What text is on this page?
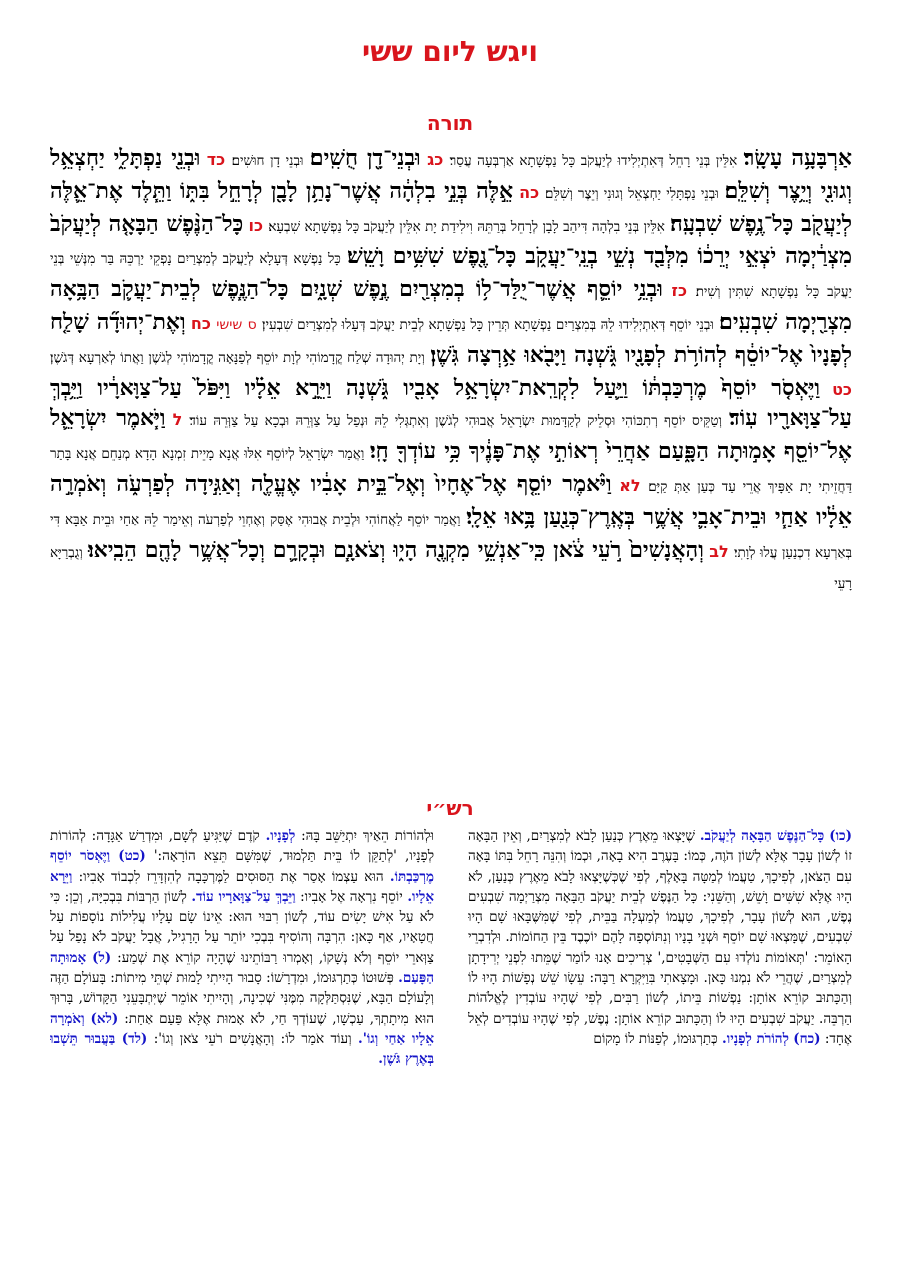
ויגש ליום ששי
תורה
אַרְבָּעָ֥ה עָשָֽׂר׃ אִלֵּין בְּנֵי רָחֵל דְּאִתְיְלִידוּ לְיַעֲקֹב כָּל נַפְשָׁתָא אַרְבְּעָה עֲסַר׃ כג וּבְנֵי־דָ֖ן חֻשִֽׁים׃ וּבְנֵי דָן חוּשִׁים׃ כד וּבְנֵ֖י נַפְתָּלִ֑י יַחְצְאֵ֥ל וְגוּנִ֖י וְיֵ֥צֶר וְשִׁלֵּֽם׃ וּבְנֵי נַפְתָּלִי יַחְצְאֵל וְגוּנִי וְיֵצֶר וְשִׁלֵּם׃ כה אֵ֣לֶּה בְּנֵ֣י בִלְהָ֔ה אֲשֶׁר־נָתַ֥ן לָבָ֖ן לְרָחֵ֣ל בִּתּ֑וֹ וַתֵּ֧לֶד אֶת־אֵ֛לֶּה לְיַעֲקֹ֖ב כָּל־נֶ֥פֶשׁ שִׁבְעָֽה׃ אִלֵּין בְּנֵי בִלְהָה דִּיהַב לָבָן לְרָחֵל בְּרַתֵּהּ וִילִידַת יָת אִלֵּין לְיַעֲקֹב כָּל נַפְשָׁתָא שִׁבְעָא׃ כו כָּל־הַנֶּ֨פֶשׁ הַבָּאָ֤ה לְיַעֲקֹב֙ מִצְרַ֔יְמָה יֹצְאֵ֣י יְרֵכ֔וֹ מִלְּבַ֖ד נְשֵׁ֣י בְנֵֽי־יַעֲקֹ֑ב כָּל־נֶ֖פֶשׁ שִׁשִּׁ֥ים וָשֵֽׁשׁ׃ כָּל נַפְשָׁא דְּעָלָא לְיַעֲקֹב לְמִצְרַיִם נָפְקֵי יַרְכֵּהּ בַּר מִנְּשֵׁי בְּנֵי יַעֲקֹב כָּל נַפְשָׁתָא שִׁתִּין וְשִׁית׃ כז וּבְנֵ֥י יוֹסֵ֛ף אֲשֶׁר־יֻלַּד־ל֥וֹ בְמִצְרַ֖יִם נֶ֣פֶשׁ שְׁנָ֑יִם כָּל־הַנֶּ֧פֶשׁ לְבֵית־יַעֲקֹ֛ב הַבָּ֥אָה מִצְרַ֖יְמָה שִׁבְעִֽים׃ וּבְנֵי יוֹסֵף דְּאִתְיְלִידוּ לֵהּ בְּמִצְרַיִם נַפְשָׁתָא תְּרֵין כָּל נַפְשָׁתָא לְבֵית יַעֲקֹב דְּעָלוּ לְמִצְרַיִם שִׁבְעִין׃ ס שישי כח וְאֶת־יְהוּדָ֞ה שָׁלַ֤ח לְפָנָיו֙ אֶל־יוֹסֵ֔ף לְהוֹרֹ֥ת לְפָנָ֖יו גֹּ֑שְׁנָה וַיָּבֹ֖אוּ אַ֥רְצָה גֹּֽשֶׁן׃ וְיָת יְהוּדָה שְׁלַח קֳדָמוֹהִי לְוָת יוֹסֵף לְפַנָּאָה קֳדָמוֹהִי לְגֹשֶׁן וַאֲתוֹ לְאַרְעָא דְּגֹשֶׁן׃ כט וַיֶּאְסֹ֤ר יוֹסֵף֙ מֶרְכַּבְתּ֔וֹ וַיַּ֛עַל לִקְרַֽאת־יִשְׂרָאֵ֥ל אָבִ֖יו גֹּ֑שְׁנָה וַיֵּרָ֣א אֵלָ֗יו וַיִּפֹּל֙ עַל־צַוָּארָ֔יו וַיֵּ֥בְךְּ עַל־צַוָּארָ֖יו עֽוֹד׃ וְטַקֵּיס יוֹסֵף רְתִכּוֹהִי וּסְלֵיק לְקַדָּמוּת יִשְׂרָאֵל אֲבוּהִי לְגֹשֶׁן וְאִתְגְּלִי לֵהּ וּנְפַל עַל צַוְּרֵהּ וּבְכָא עַל צַוְּרֵהּ עוֹד׃ ל וַיֹּ֧אמֶר יִשְׂרָאֵ֛ל אֶל־יוֹסֵ֖ף אָמ֣וּתָה הַפָּ֑עַם אַחֲרֵי֙ רְאוֹתִ֣י אֶת־פָּנֶ֔יךָ כִּ֥י עוֹדְךָ֖ חָֽי׃ וַאֲמַר יִשְׂרָאֵל לְיוֹסֵף אִלּוּ אֲנָא מָיֵית זִמְנָא הָדָא מְנַחֵם אֲנָא בָּתַר דַּחֲזֵיתִי יָת אַפָּיךְ אֲרֵי עַד כְּעַן אַתְּ קַיָּם׃ לא וַיֹּ֨אמֶר יוֹסֵ֤ף אֶל־אֶחָיו֙ וְאֶל־בֵּ֣ית אָבִ֔יו אֶעֱלֶ֖ה וְאַגִּ֣ידָה לְפַרְעֹ֑ה וְאֹמְרָ֣ה אֵלָ֔יו אַחַ֧י וּבֵית־אָבִ֛י אֲשֶׁ֥ר בְּאֶֽרֶץ־כְּנַ֖עַן בָּ֥אוּ אֵלָֽי׃ וַאֲמַר יוֹסֵף לַאֲחוֹהִי וּלְבֵית אֲבוּהִי אֶסַּק וְאֶחְוֵי לְפַרְעֹה וְאֵימַר לֵהּ אַחַי וּבֵית אַבָּא דִּי בְּאַרְעָא דִכְנַעַן עֲלוּ לְוָתִי׃ לב וְהָאֲנָשִׁים֙ רֹ֣עֵי צֹ֔אן כִּֽי־אַנְשֵׁ֥י מִקְנֶ֖ה הָי֑וּ וְצֹאנָ֧ם וּבְקָרָ֛ם וְכָל־אֲשֶׁ֥ר לָהֶ֖ם הֵבִֽיאוּ׃ וְגֻבְרַיָּא רָעֵי
רש״י
(כו) כָּל־הַנֶּפֶשׁ הַבָּאָה לְיַעֲקֹב. שֶׁיָּצְאוּ מֵאֶרֶץ כְּנַעַן לָבֹא לְמִצְרַיִם, וְאֵין הַבָּאָה זוֹ לְשׁוֹן עָבָר אֶלָּא לְשׁוֹן הֹוֶה, כְּמוֹ: בָּעֶרֶב הִיא בָאָה, וּכְמוֹ וְהִנֵּה רָחֵל בִּתּוֹ בָּאָה עִם הַצֹּאן, לְפִיכָךְ, טַעֲמוֹ לְמַטָּה בָּאָלֶף, לְפִי שֶׁכְּשֶׁיָּצְאוּ לָבֹא מֵאֶרֶץ כְּנַעַן, לֹא הָיוּ אֶלָּא שִׁשִּׁים וָשֵׁשׁ, וְהַשֵּׁנִי: כָּל הַנֶּפֶשׁ לְבֵית יַעֲקֹב הַבָּאָה מִצְרַיְמָה שִׁבְעִים נֶפֶשׁ, הוּא לְשׁוֹן עָבָר, לְפִיכָךְ, טַעֲמוֹ לְמַעְלָה בַּבֵּית, לְפִי שֶׁמִּשֶּׁבָּאוּ שָׁם הָיוּ שִׁבְעִים, שֶׁמָּצְאוּ שָׁם יוֹסֵף וּשְׁנֵי בָנָיו וְנִתּוֹסְפָה לָהֶם יוֹכֶבֶד בֵּין הַחוֹמוֹת. וּלְדִבְרֵי הָאוֹמֵר: 'תְּאוֹמוֹת נוֹלְדוּ עִם הַשְּׁבָטִים,' צְרִיכִים אָנוּ לוֹמַר שֶׁמֵּתוּ לִפְנֵי יְרִידָתָן לְמִצְרַיִם, שֶׁהֲרֵי לֹא נִמְנוּ כָּאן. וּמָצָאתִי בִּוַיִּקְרָא רַבָּה: עֵשָׂו שֵׁשׁ נְפָשׁוֹת הָיוּ לוֹ וְהַכָּתוּב קוֹרֵא אוֹתָן: נַפְשׁוֹת בֵּיתוֹ, לְשׁוֹן רַבִּים, לְפִי שֶׁהָיוּ עוֹבְדִין לֶאֱלֹהוֹת הַרְבֵּה. יַעֲקֹב שִׁבְעִים הָיוּ לוֹ וְהַכָּתוּב קוֹרֵא אוֹתָן: נֶפֶשׁ, לְפִי שֶׁהָיוּ עוֹבְדִים לְאֵל אֶחָד: (כח) לְהוֹרֹת לְפָנָיו. כְּתַרְגּוּמוֹ, לְפַנּוֹת לוֹ מָקוֹם
וּלְהוֹרוֹת הֵאַיךְ יִתְיַשֵּׁב בָּהּ: לְפָנָיו. קֹדֶם שֶׁיַּגִּיעַ לְשָׁם, וּמִדְרַשׁ אַגָּדָה: לְהוֹרוֹת לְפָנָיו, 'לְתַקֵּן לוֹ בֵּית תַּלְמוּד, שֶׁמִּשָּׁם תֵּצֵא הוֹרָאָה:' (כט) וַיֶּאְסֹר יוֹסֵף מֶרְכַּבְתּוֹ. הוּא עַצְמוֹ אָסַר אֶת הַסּוּסִים לַמֶּרְכָּבָה לְהִזְדָּרֵז לִכְבוֹד אָבִיו: וַיֵּרָא אֵלָיו. יוֹסֵף נִרְאָה אֶל אָבִיו: וַיֵּבְךְּ עַל־צַוָּארָיו עוֹד. לְשׁוֹן הַרְבּוֹת בִּבְכִיָּה, וְכֵן: כִּי לֹא עַל אִישׁ יָשִׂים עוֹד, לְשׁוֹן רִבּוּי הוּא: אֵינוֹ שָׂם עָלָיו עֲלִילוֹת נוֹסָפוֹת עַל חֲטָאָיו, אַף כָּאן: הִרְבָּה וְהוֹסִיף בִּבְכִי יוֹתֵר עַל הָרָגִיל, אֲבָל יַעֲקֹב לֹא נָפַל עַל צַוְּארֵי יוֹסֵף וְלֹא נְשָׁקוֹ, וְאָמְרוּ רַבּוֹתֵינוּ שֶׁהָיָה קוֹרֵא אֶת שְׁמַע: (ל) אָמוּתָה הַפָּעַם. פְּשׁוּטוֹ כְּתַרְגּוּמוֹ, וּמִדְרָשׁוֹ: סָבוּר הָיִיתִי לָמוּת שְׁתֵּי מִיתוֹת: בָּעוֹלָם הַזֶּה וְלָעוֹלָם הַבָּא, שֶׁנִּסְתַּלְּקָה מִמֶּנִּי שְׁכִינָה, וְהָיִיתִי אוֹמֵר שֶׁיִּתְבָּעֵנִי הַקָּדוֹשׁ, בָּרוּךְ הוּא מִיתָתְךָ, עַכְשָׁו, שֶׁעוֹדְךָ חַי, לֹא אָמוּת אֶלָּא פַּעַם אַחַת: (לא) וְאֹמְרָה אֵלָיו אַחַי וְגוֹ'. וְעוֹד אֹמַר לוֹ: וְהָאֲנָשִׁים רֹעֵי צֹאן וְגוֹ': (לד) בַּעֲבוּר תֵּשְׁבוּ בְּאֶרֶץ גֹּשֶׁן.
